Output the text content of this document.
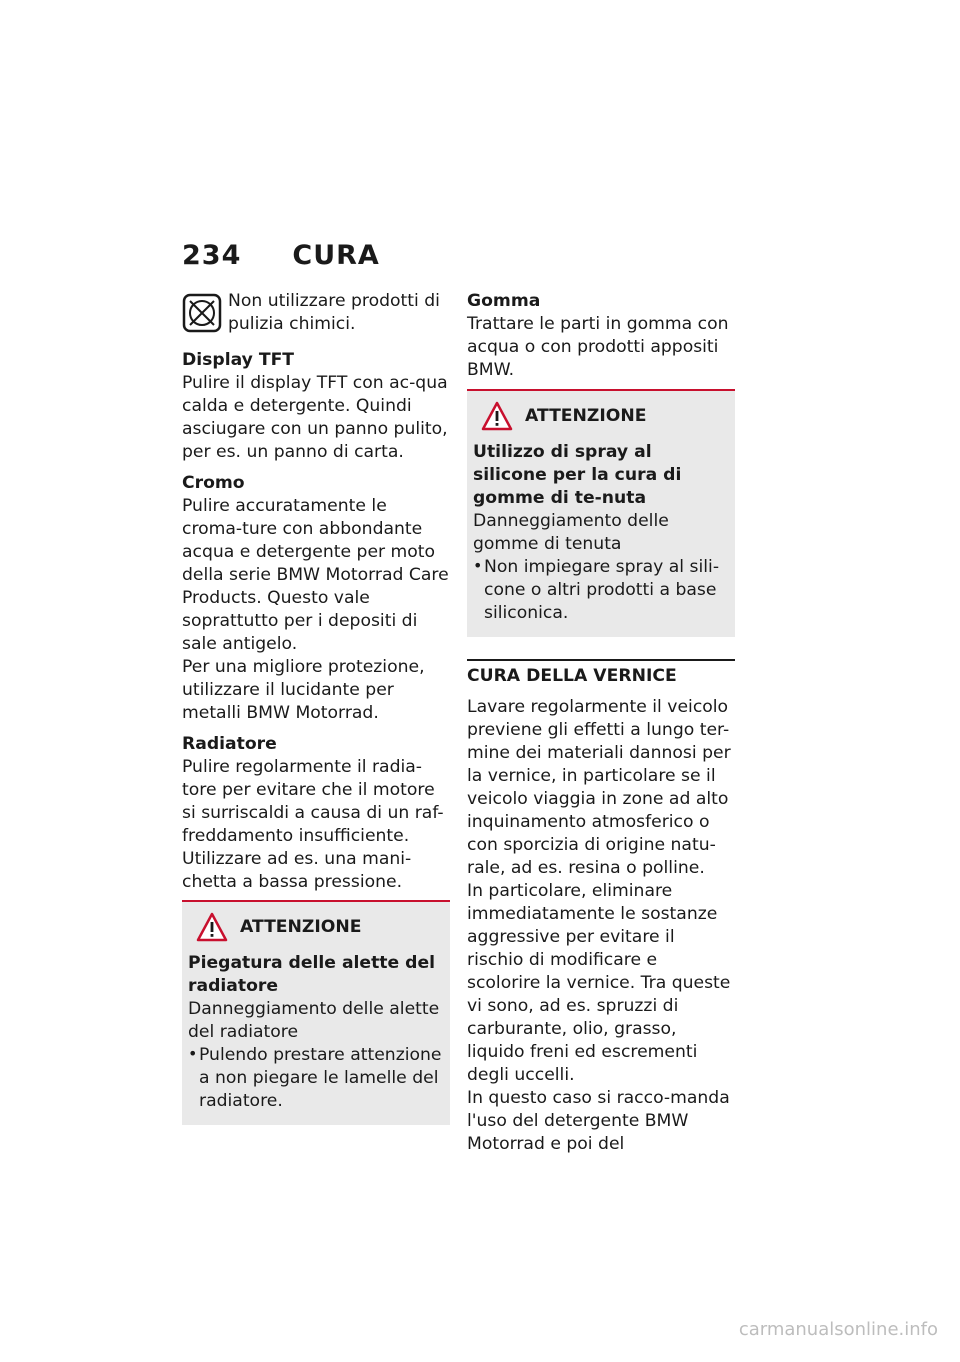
234 CURA

Non utilizzare prodotti di pulizia chimici.

Display TFT

Pulire il display TFT con ac-qua calda e detergente. Quindi asciugare con un panno pulito, per es. un panno di carta.

Cromo

Pulire accuratamente le croma-ture con abbondante acqua e detergente per moto della serie BMW Motorrad Care Products. Questo vale soprattutto per i depositi di sale antigelo.

Per una migliore protezione, utilizzare il lucidante per metalli BMW Motorrad.

Radiatore

Pulire regolarmente il radia-tore per evitare che il motore si surriscaldi a causa di un raf-freddamento insufficiente.

Utilizzare ad es. una mani-chetta a bassa pressione.

ATTENZIONE

Piegatura delle alette del radiatore

Danneggiamento delle alette del radiatore

• Pulendo prestare attenzione a non piegare le lamelle del radiatore.

Gomma

Trattare le parti in gomma con acqua o con prodotti appositi BMW.

ATTENZIONE

Utilizzo di spray al silicone per la cura di gomme di te-nuta

Danneggiamento delle gomme di tenuta

• Non impiegare spray al sili-cone o altri prodotti a base siliconica.

CURA DELLA VERNICE

Lavare regolarmente il veicolo previene gli effetti a lungo ter-mine dei materiali dannosi per la vernice, in particolare se il veicolo viaggia in zone ad alto inquinamento atmosferico o con sporcizia di origine natu-rale, ad es. resina o polline.

In particolare, eliminare immediatamente le sostanze aggressive per evitare il rischio di modificare e scolorire la vernice. Tra queste vi sono, ad es. spruzzi di carburante, olio, grasso, liquido freni ed escrementi degli uccelli.

In questo caso si racco-manda l'uso del detergente BMW Motorrad e poi del

carmanualsonline.info
